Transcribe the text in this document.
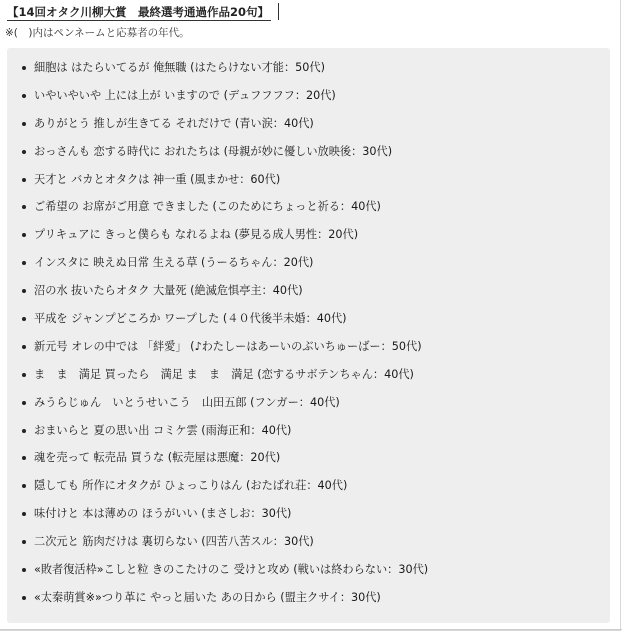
【14回オタク川柳大賞　最終選考通過作品20句】
※(　)内はペンネームと応募者の年代。
細胞は はたらいてるが 俺無職 (はたらけない才能：50代)
いやいやいや 上には上が いますので (デュフフフフ：20代)
ありがとう 推しが生きてる それだけで (青い涙：40代)
おっさんも 恋する時代に おれたちは (母親が妙に優しい放映後：30代)
天才と バカとオタクは 神一重 (風まかせ：60代)
ご希望の お席がご用意 できました (このためにちょっと祈る：40代)
プリキュアに きっと僕らも なれるよね (夢見る成人男性：20代)
インスタに 映えぬ日常 生える草 (うーるちゃん：20代)
沼の水 抜いたらオタク 大量死 (絶滅危惧亭主：40代)
平成を ジャンプどころか ワープした (４０代後半未婚：40代)
新元号 オレの中では 「絆愛」 (♪わたしーはあーいのぶいちゅーばー：50代)
ま　ま　満足 買ったら　満足 ま　ま　満足 (恋するサボテンちゃん：40代)
みうらじゅん　いとうせいこう　山田五郎 (フンガー：40代)
おまいらと 夏の思い出 コミケ雲 (雨海正和：40代)
魂を売って 転売品 買うな (転売屋は悪魔：20代)
隠しても 所作にオタクが ひょっこりはん (おたばれ荘：40代)
味付けと 本は薄めの ほうがいい (まさしお：30代)
二次元と 筋肉だけは 裏切らない (四苦八苦スル：30代)
«敗者復活枠»こしと粒 きのこたけのこ 受けと攻め (戦いは終わらない：30代)
«太秦萌賞※»つり革に やっと届いた あの日から (盟主クサイ：30代)
